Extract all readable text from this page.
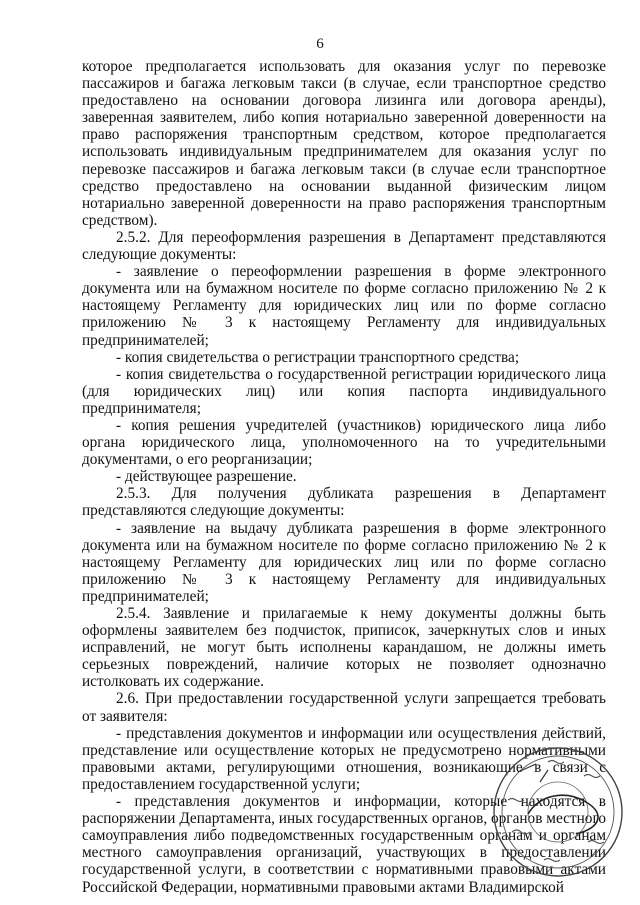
6

которое предполагается использовать для оказания услуг по перевозке пассажиров и багажа легковым такси (в случае, если транспортное средство предоставлено на основании договора лизинга или договора аренды), заверенная заявителем, либо копия нотариально заверенной доверенности на право распоряжения транспортным средством, которое предполагается использовать индивидуальным предпринимателем для оказания услуг по перевозке пассажиров и багажа легковым такси (в случае если транспортное средство предоставлено на основании выданной физическим лицом нотариально заверенной доверенности на право распоряжения транспортным средством).

2.5.2. Для переоформления разрешения в Департамент представляются следующие документы:

- заявление о переоформлении разрешения в форме электронного документа или на бумажном носителе по форме согласно приложению № 2 к настоящему Регламенту для юридических лиц или по форме согласно приложению № 3 к настоящему Регламенту для индивидуальных предпринимателей;

- копия свидетельства о регистрации транспортного средства;

- копия свидетельства о государственной регистрации юридического лица (для юридических лиц) или копия паспорта индивидуального предпринимателя;

- копия решения учредителей (участников) юридического лица либо органа юридического лица, уполномоченного на то учредительными документами, о его реорганизации;

- действующее разрешение.

2.5.3. Для получения дубликата разрешения в Департамент представляются следующие документы:

- заявление на выдачу дубликата разрешения в форме электронного документа или на бумажном носителе по форме согласно приложению № 2 к настоящему Регламенту для юридических лиц или по форме согласно приложению № 3 к настоящему Регламенту для индивидуальных предпринимателей;

2.5.4. Заявление и прилагаемые к нему документы должны быть оформлены заявителем без подчисток, приписок, зачеркнутых слов и иных исправлений, не могут быть исполнены карандашом, не должны иметь серьезных повреждений, наличие которых не позволяет однозначно истолковать их содержание.

2.6. При предоставлении государственной услуги запрещается требовать от заявителя:

- представления документов и информации или осуществления действий, представление или осуществление которых не предусмотрено нормативными правовыми актами, регулирующими отношения, возникающие в связи с предоставлением государственной услуги;

- представления документов и информации, которые находятся в распоряжении Департамента, иных государственных органов, органов местного самоуправления либо подведомственных государственным органам и органам местного самоуправления организаций, участвующих в предоставлении государственной услуги, в соответствии с нормативными правовыми актами Российской Федерации, нормативными правовыми актами Владимирской
